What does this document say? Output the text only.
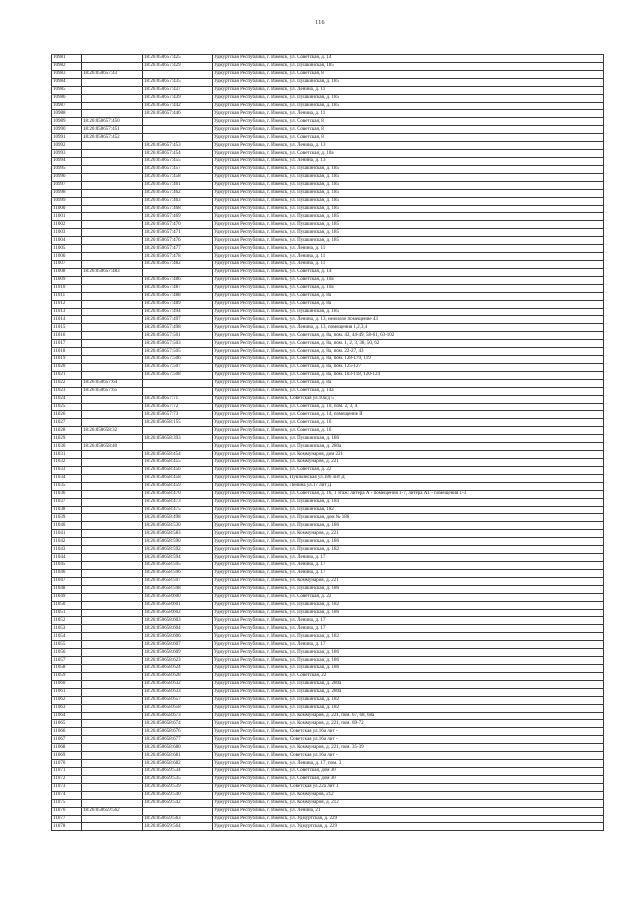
116
10981		18:26:050657:425	Удмуртская Республика, г. Ижевск, ул. Советская, д. 14
10982		18:26:050657:429	Удмуртская Республика, г. Ижевск, ул. Пушкинская, 185
10983	18:26:050657:43		Удмуртская Республика, г. Ижевск, ул. Советская, 8
10984		18:26:050657:435	Удмуртская Республика, г. Ижевск, ул. Пушкинская, д. 185
10985		18:26:050657:437	Удмуртская Республика, г. Ижевск, ул. Ленина, д. 11
10986		18:26:050657:439	Удмуртская Республика, г. Ижевск, ул. Пушкинская, д. 185
10987		18:26:050657:442	Удмуртская Республика, г. Ижевск, ул. Пушкинская, д. 185
10988		18:26:050657:446	Удмуртская Республика, г. Ижевск, ул. Ленина, д. 11
10989	18:26:050657:450		Удмуртская Республика, г. Ижевск, ул. Советская, 8
10990	18:26:050657:451		Удмуртская Республика, г. Ижевск, ул. Советская, 8
10991	18:26:050657:452		Удмуртская Республика, г. Ижевск, ул. Советская, 8
10992		18:26:050657:453	Удмуртская Республика, г. Ижевск, ул. Ленина, д. 13
10993		18:26:050657:454	Удмуртская Республика, г. Ижевск, ул. Советская, д. 10а
10994		18:26:050657:455	Удмуртская Республика, г. Ижевск, ул. Ленина, д. 13
10995		18:26:050657:457	Удмуртская Республика, г. Ижевск, ул. Пушкинская, д. 185
10996		18:26:050657:458	Удмуртская Республика, г. Ижевск, ул. Пушкинская, д. 185
10997		18:26:050657:461	Удмуртская Республика, г. Ижевск, ул. Пушкинская, д. 185
10998		18:26:050657:462	Удмуртская Республика, г. Ижевск, ул. Пушкинская, д. 185
10999		18:26:050657:463	Удмуртская Республика, г. Ижевск, ул. Пушкинская, д. 185
11000		18:26:050657:468	Удмуртская Республика, г. Ижевск, ул. Пушкинская, д. 185
11001		18:26:050657:469	Удмуртская Республика, г. Ижевск, ул. Пушкинская, д. 185
11002		18:26:050657:470	Удмуртская Республика, г. Ижевск, ул. Пушкинская, д. 185
11003		18:26:050657:471	Удмуртская Республика, г. Ижевск, ул. Пушкинская, д. 185
11004		18:26:050657:476	Удмуртская Республика, г. Ижевск, ул. Пушкинская, д. 185
11005		18:26:050657:477	Удмуртская Республика, г. Ижевск, ул. Ленина, д. 11
11006		18:26:050657:478	Удмуртская Республика, г. Ижевск, ул. Ленина, д. 11
11007		18:26:050657:482	Удмуртская Республика, г. Ижевск, ул. Ленина, д. 11
11008	18:26:050657:483		Удмуртская Республика, г. Ижевск, ул. Советская, д. 14
11009		18:26:050657:486	Удмуртская Республика, г. Ижевск, ул. Советская, д. 10а
11010		18:26:050657:487	Удмуртская Республика, г. Ижевск, ул. Советская, д. 10а
11011		18:26:050657:488	Удмуртская Республика, г. Ижевск, ул. Советская, д. 8а
11012		18:26:050657:489	Удмуртская Республика, г. Ижевск, ул. Советская, д. 8а
11013		18:26:050657:494	Удмуртская Республика, г. Ижевск, ул. Пушкинская, д. 185
11014		18:26:050657:497	Удмуртская Республика, г. Ижевск, ул. Ленина, д. 13, нежилое помещение 43
11015		18:26:050657:498	Удмуртская Республика, г. Ижевск, ул. Ленина, д. 13, помещения 1,2,3,4
11016		18:26:050657:501	Удмуртская Республика, г. Ижевск, ул. Советская, д. 8а, пом. 42, 44-49, 58-61, 63-102
11017		18:26:050657:503	Удмуртская Республика, г. Ижевск, ул. Советская, д. 8а, пом. 1, 2, 3, 38, 50, 62
11018		18:26:050657:505	Удмуртская Республика, г. Ижевск, ул. Советская, д. 8а, пом. 22-27, 43
11019		18:26:050657:506	Удмуртская Республика, г. Ижевск, ул. Советская, д. 8а, пом. 128-179, 119
11020		18:26:050657:507	Удмуртская Республика, г. Ижевск, ул. Советская, д. 8а, пом. 125-127
11021		18:26:050657:508	Удмуртская Республика, г. Ижевск, ул. Советская, д. 8а, пом. 103-118, 120-124
11022	18:26:050657:64		Удмуртская Республика, г. Ижевск, ул. Советская, д. 8а
11023	18:26:050657:65		Удмуртская Республика, г. Ижевск, ул. Советская, д. 14а
11024		18:26:050657:71	Удмуртская Республика, г. Ижевск, Советская ул.10а/д 5
11025		18:26:050657:72	Удмуртская Республика, г. Ижевск, ул. Советская, д. 10, пом. 2, 3, 4
11026		18:26:050657:73	Удмуртская Республика, г. Ижевск, ул. Советская, д. 14, помещение II
11027		18:26:050658:155	Удмуртская Республика, г. Ижевск, ул. Советская, д. 16
11028	18:26:050658:32		Удмуртская Республика, г. Ижевск, ул. Советская, д. 16
11029		18:26:050658:393	Удмуртская Республика, г. Ижевск, ул. Пушкинская, д. 186
11030	18:26:050658:40		Удмуртская Республика, г. Ижевск, ул. Пушкинская, д. 280а
11031		18:26:050658:454	Удмуртская Республика, г. Ижевск, ул. Коммунаров, дом 221
11032		18:26:050658:455	Удмуртская Республика, г. Ижевск, ул. Коммунаров, д. 221
11033		18:26:050658:456	Удмуртская Республика, г. Ижевск, ул. Советская, д. 22
11034		18:26:050658:458	Удмуртская Республика, г. Ижевск, Пушкинская ул.186 лит Д
11035		18:26:050658:459	Удмуртская Республика, г. Ижевск, Ленина ул.17 лит Д
11036		18:26:050658:470	Удмуртская Республика, г. Ижевск, ул. Советская, д. 16, 1 этаж: литера А - помещения 1-7, литера А1 - помещения 1-3
11037		18:26:050658:473	Удмуртская Республика, г. Ижевск, ул. Пушкинская, д. 184
11038		18:26:050658:475	Удмуртская Республика, г. Ижевск, ул. Пушкинская, 182
11039		18:26:050658:498	Удмуртская Республика, г. Ижевск, ул. Пушкинская, дом № 186
11040		18:26:050658:530	Удмуртская Республика, г. Ижевск, ул. Пушкинская, д. 186
11041		18:26:050658:583	Удмуртская Республика, г. Ижевск, ул. Коммунаров, д. 221
11042		18:26:050658:590	Удмуртская Республика, г. Ижевск, ул. Пушкинская, д. 186
11043		18:26:050658:592	Удмуртская Республика, г. Ижевск, ул. Пушкинская, д. 182
11044		18:26:050658:594	Удмуртская Республика, г. Ижевск, ул. Ленина, д. 17
11045		18:26:050658:595	Удмуртская Республика, г. Ижевск, ул. Ленина, д. 17
11046		18:26:050658:596	Удмуртская Республика, г. Ижевск, ул. Ленина, д. 17
11047		18:26:050658:597	Удмуртская Республика, г. Ижевск, ул. Коммунаров, д. 221
11048		18:26:050658:598	Удмуртская Республика, г. Ижевск, ул. Пушкинская, д. 186
11049		18:26:050658:600	Удмуртская Республика, г. Ижевск, ул. Советская, д. 22
11050		18:26:050658:601	Удмуртская Республика, г. Ижевск, ул. Пушкинская, д. 182
11051		18:26:050658:602	Удмуртская Республика, г. Ижевск, ул. Пушкинская, д. 186
11052		18:26:050658:603	Удмуртская Республика, г. Ижевск, ул. Ленина, д. 17
11053		18:26:050658:604	Удмуртская Республика, г. Ижевск, ул. Ленина, д. 17
11054		18:26:050658:606	Удмуртская Республика, г. Ижевск, ул. Пушкинская, д. 182
11055		18:26:050658:607	Удмуртская Республика, г. Ижевск, ул. Ленина, д. 17
11056		18:26:050658:609	Удмуртская Республика, г. Ижевск, ул. Пушкинская, д. 186
11057		18:26:050658:623	Удмуртская Республика, г. Ижевск, ул. Пушкинская, д. 186
11058		18:26:050658:624	Удмуртская Республика, г. Ижевск, ул. Пушкинская, д. 186
11059		18:26:050658:628	Удмуртская Республика, г. Ижевск, ул. Советская, 22
11060		18:26:050658:632	Удмуртская Республика, г. Ижевск, ул. Пушкинская, д. 280а
11061		18:26:050658:633	Удмуртская Республика, г. Ижевск, ул. Пушкинская, д. 280а
11062		18:26:050658:657	Удмуртская Республика, г. Ижевск, ул. Пушкинская, д. 182
11063		18:26:050658:658	Удмуртская Республика, г. Ижевск, ул. Пушкинская, д. 182
11064		18:26:050658:673	Удмуртская Республика, г. Ижевск, ул. Коммунаров, д. 221, пом. 67, 68, 68а
11065		18:26:050658:674	Удмуртская Республика, г. Ижевск, ул. Коммунаров, д. 221, пом. 69-72
11066		18:26:050658:676	Удмуртская Республика, г. Ижевск, Советская ул.16а лит -
11067		18:26:050658:677	Удмуртская Республика, г. Ижевск, Советская ул.16а лит -
11068		18:26:050658:680	Удмуртская Республика, г. Ижевск, ул. Коммунаров, д. 221, пом. 35-39
11069		18:26:050658:681	Удмуртская Республика, г. Ижевск, Советская ул.16а лит -
11070		18:26:050658:682	Удмуртская Республика, г. Ижевск, ул. Ленина, д. 17, пом. 3
11071		18:26:050659:534	Удмуртская Республика, г. Ижевск, ул. Советская, дом 30
11072		18:26:050659:535	Удмуртская Республика, г. Ижевск, ул. Советская, дом 30
11073		18:26:050659:539	Удмуртская Республика, г. Ижевск, Советская ул.22а лит 1
11074		18:26:050659:540	Удмуртская Республика, г. Ижевск, ул. Коммунаров, 212
11075		18:26:050659:542	Удмуртская Республика, г. Ижевск, ул. Коммунаров, д. 212
11076	18:26:050659:562		Удмуртская Республика, г. Ижевск, ул. Ленина, 21
11077		18:26:050659:563	Удмуртская Республика, г. Ижевск, ул. Удмуртская, д. 229
11078		18:26:050659:564	Удмуртская Республика, г. Ижевск, ул. Удмуртская, д. 229
